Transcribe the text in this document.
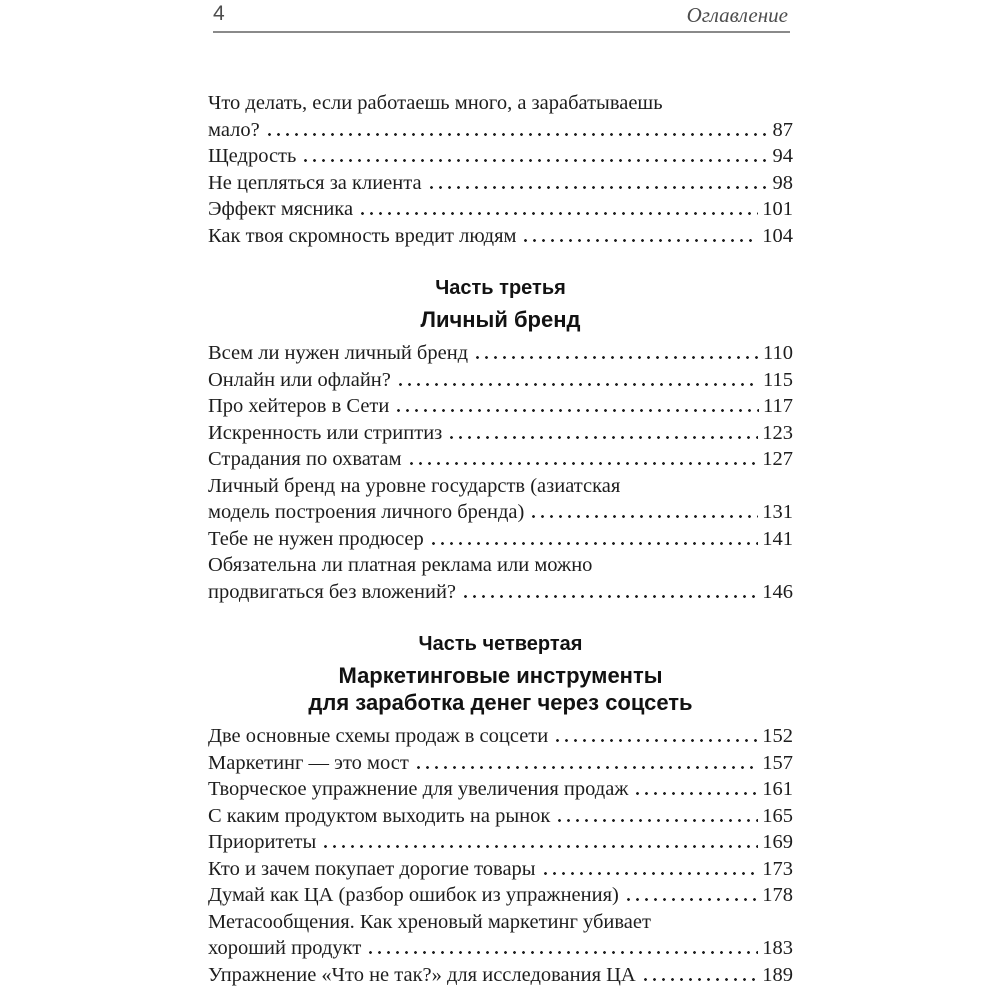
4	Оглавление
Что делать, если работаешь много, а зарабатываешь
мало?	87
Щедрость	94
Не цепляться за клиента	98
Эффект мясника	101
Как твоя скромность вредит людям	104
Часть третья
Личный бренд
Всем ли нужен личный бренд	110
Онлайн или офлайн?	115
Про хейтеров в Сети	117
Искренность или стриптиз	123
Страдания по охватам	127
Личный бренд на уровне государств (азиатская
модель построения личного бренда)	131
Тебе не нужен продюсер	141
Обязательна ли платная реклама или можно
продвигаться без вложений?	146
Часть четвертая
Маркетинговые инструменты
для заработка денег через соцсеть
Две основные схемы продаж в соцсети	152
Маркетинг — это мост	157
Творческое упражнение для увеличения продаж	161
С каким продуктом выходить на рынок	165
Приоритеты	169
Кто и зачем покупает дорогие товары	173
Думай как ЦА (разбор ошибок из упражнения)	178
Метасообщения. Как хреновый маркетинг убивает
хороший продукт	183
Упражнение «Что не так?» для исследования ЦА	189
